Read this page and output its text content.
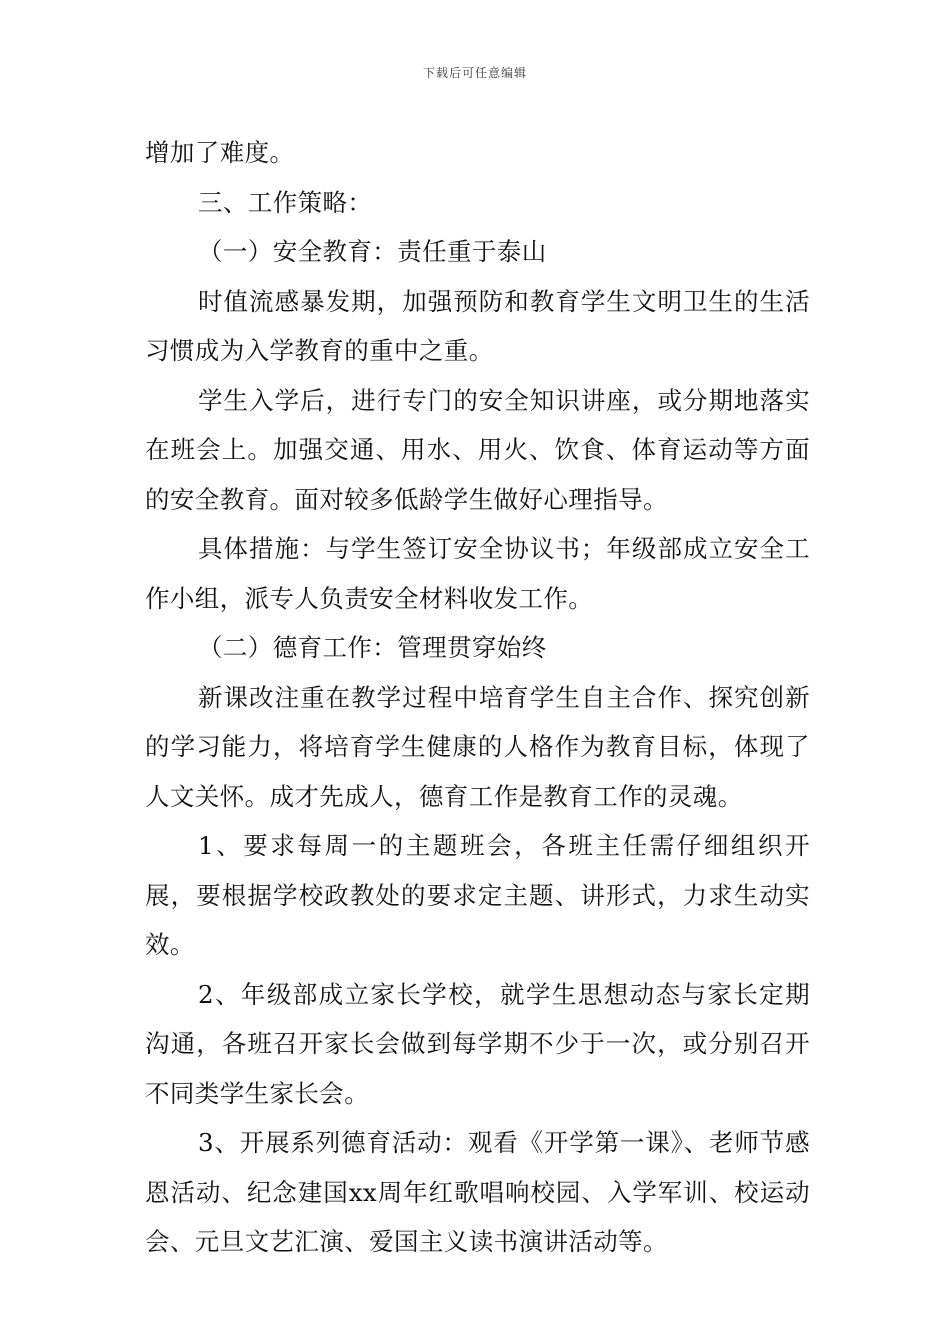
下载后可任意编辑

增加了难度。

三、工作策略：

（一）安全教育：责任重于泰山

时值流感暴发期，加强预防和教育学生文明卫生的生活习惯成为入学教育的重中之重。

学生入学后，进行专门的安全知识讲座，或分期地落实在班会上。加强交通、用水、用火、饮食、体育运动等方面的安全教育。面对较多低龄学生做好心理指导。

具体措施：与学生签订安全协议书；年级部成立安全工作小组，派专人负责安全材料收发工作。

（二）德育工作：管理贯穿始终

新课改注重在教学过程中培育学生自主合作、探究创新的学习能力，将培育学生健康的人格作为教育目标，体现了人文关怀。成才先成人，德育工作是教育工作的灵魂。

1、要求每周一的主题班会，各班主任需仔细组织开展，要根据学校政教处的要求定主题、讲形式，力求生动实效。

2、年级部成立家长学校，就学生思想动态与家长定期沟通，各班召开家长会做到每学期不少于一次，或分别召开不同类学生家长会。

3、开展系列德育活动：观看《开学第一课》、老师节感恩活动、纪念建国xx周年红歌唱响校园、入学军训、校运动会、元旦文艺汇演、爱国主义读书演讲活动等。
